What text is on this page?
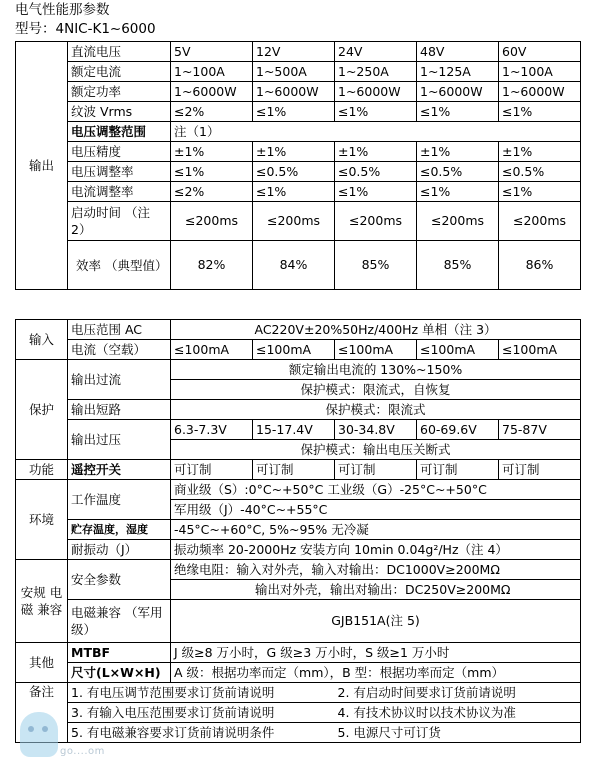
电气性能那参数
型号：4NIC-K1~6000
输出	直流电压	5V	12V	24V	48V	60V
	额定电流	1~100A	1~500A	1~250A	1~125A	1~100A
	额定功率	1~6000W	1~6000W	1~6000W	1~6000W	1~6000W
	纹波 Vrms	≤2%	≤1%	≤1%	≤1%	≤1%
	电压调整范围	注（1）				
	电压精度	±1%	±1%	±1%	±1%	±1%
	电压调整率	≤1%	≤0.5%	≤0.5%	≤0.5%	≤0.5%
	电流调整率	≤2%	≤1%	≤1%	≤1%	≤1%
	启动时间 （注 2）	≤200ms	≤200ms	≤200ms	≤200ms	≤200ms
	效率 （典型值）	82%	84%	85%	85%	86%
输入	电压范围 AC	AC220V±20%50Hz/400Hz 单相（注 3）				
	电流（空载）	≤100mA	≤100mA	≤100mA	≤100mA	≤100mA
保护	输出过流	额定输出电流的 130%~150%				
		保护模式：限流式，自恢复				
	输出短路	保护模式：限流式				
	输出过压	6.3-7.3V	15-17.4V	30-34.8V	60-69.6V	75-87V
		保护模式：输出电压关断式				
功能	遥控开关	可订制	可订制	可订制	可订制	可订制
环境	工作温度	商业级（S）:0°C~+50°C 工业级（G）-25°C~+50°C				
		军用级（J）-40°C~+55°C				
	贮存温度，湿度	-45°C~+60°C, 5%~95% 无冷凝				
	耐振动（J）	振动频率 20-2000Hz 安装方向 10min 0.04g²/Hz（注 4）				
安规 电磁 兼容	安全参数	绝缘电阻：输入对外壳，输入对输出：DC1000V≥200MΩ				
		输出对外壳，输出对输出：DC250V≥200MΩ				
	电磁兼容 （军用级）	GJB151A(注 5)				
其他	MTBF	J 级≥8 万小时，G 级≥3 万小时，S 级≥1 万小时				
	尺寸(L×W×H)	A 级：根据功率而定（mm），B 型：根据功率而定（mm）				
备注	1. 有电压调节范围要求订货前请说明			2. 有启动时间要求订货前请说明		
	3. 有输入电压范围要求订货前请说明			4. 有技术协议时以技术协议为准		
	5. 有电磁兼容要求订货前请说明条件			5. 电源尺寸可订货		
go....om
